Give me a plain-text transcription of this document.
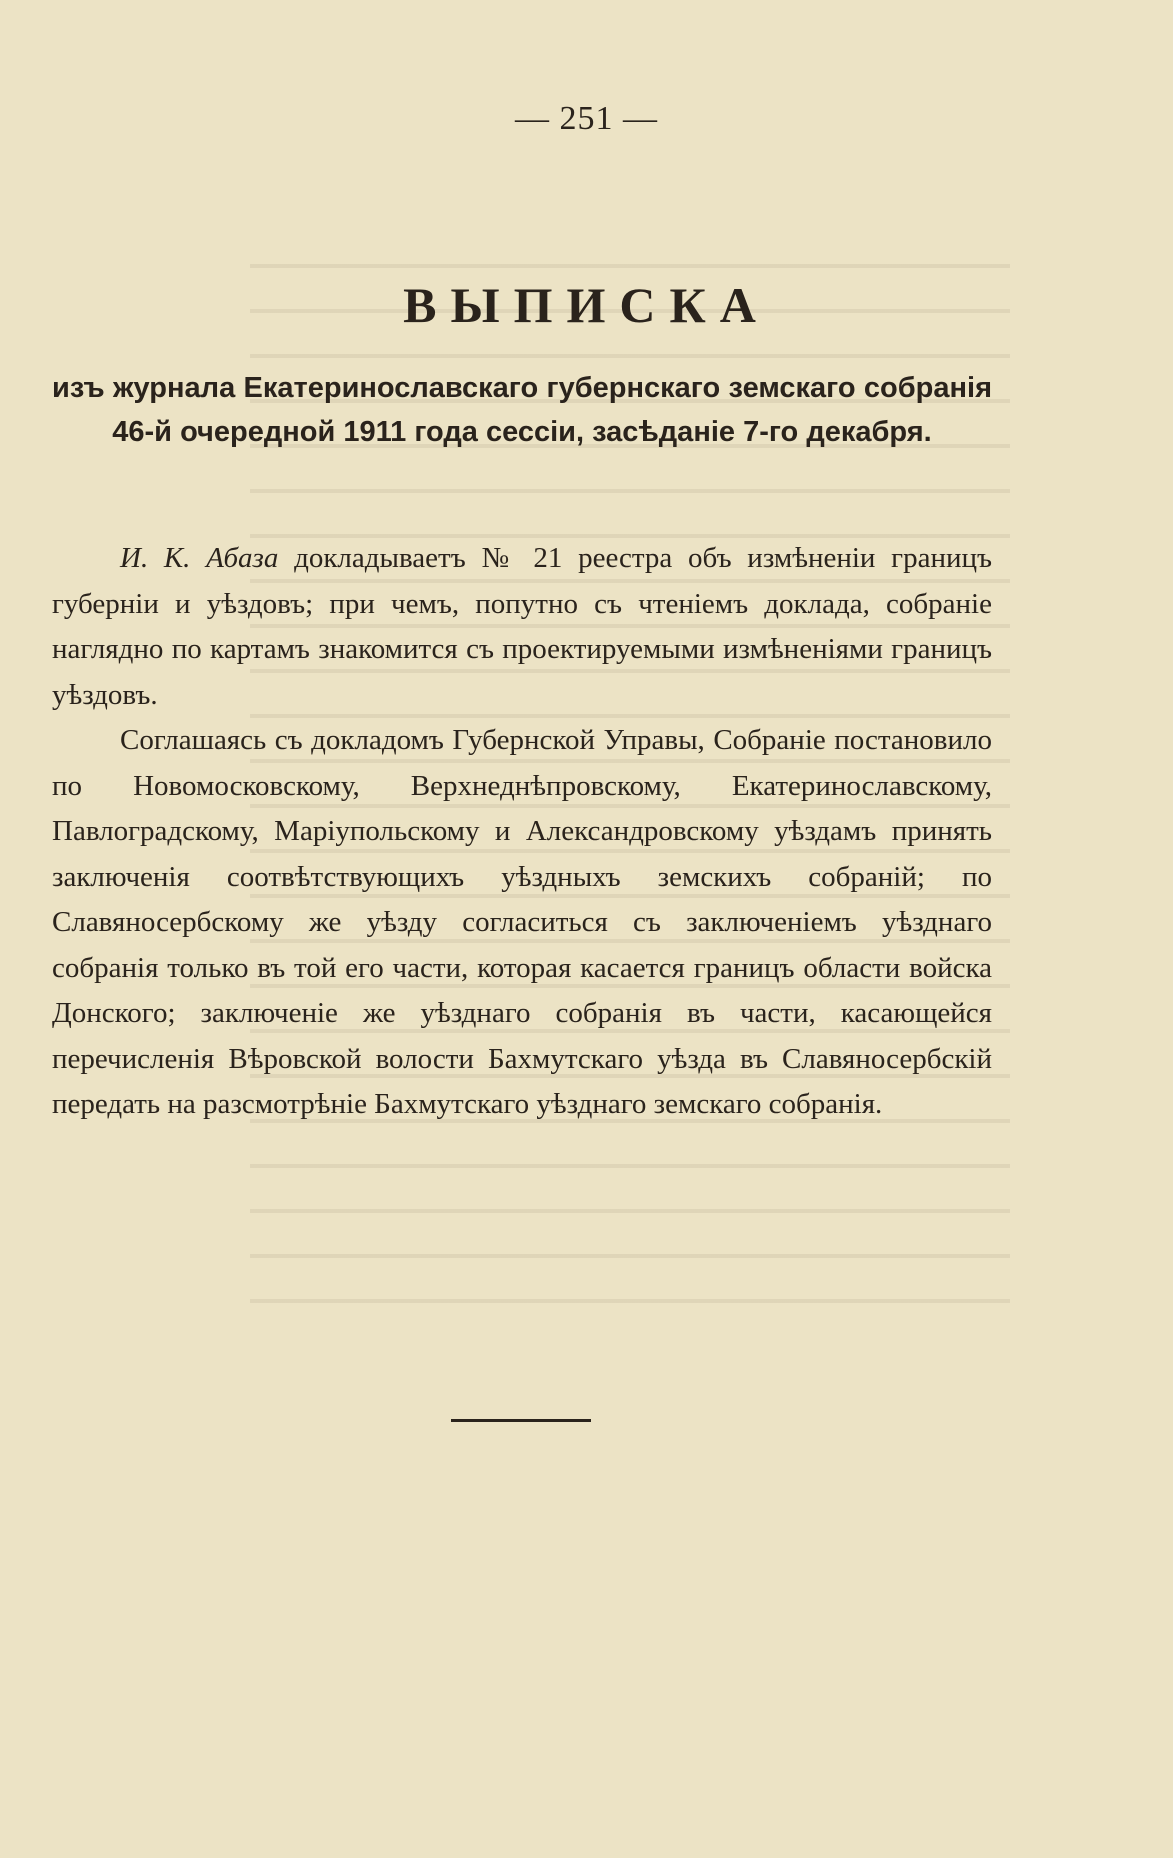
— 251 —
ВЫПИСКА
изъ журнала Екатеринославскаго губернскаго земскаго собранія 46-й очередной 1911 года сессіи, засѣданіе 7-го декабря.

И. К. Абаза докладываетъ № 21 реестра объ измѣненіи границъ губерніи и уѣздовъ; при чемъ, попутно съ чтеніемъ доклада, собраніе наглядно по картамъ знакомится съ проектируемыми измѣненіями границъ уѣздовъ.

Соглашаясь съ докладомъ Губернской Управы, Собраніе постановило по Новомосковскому, Верхнеднѣпровскому, Екатеринославскому, Павлоградскому, Маріупольскому и Александровскому уѣздамъ принять заключенія соотвѣтствующихъ уѣздныхъ земскихъ собраній; по Славяносербскому же уѣзду согласиться съ заключеніемъ уѣзднаго собранія только въ той его части, которая касается границъ области войска Донского; заключеніе же уѣзднаго собранія въ части, касающейся перечисленія Вѣровской волости Бахмутскаго уѣзда въ Славяносербскій передать на разсмотрѣніе Бахмутскаго уѣзднаго земскаго собранія.
